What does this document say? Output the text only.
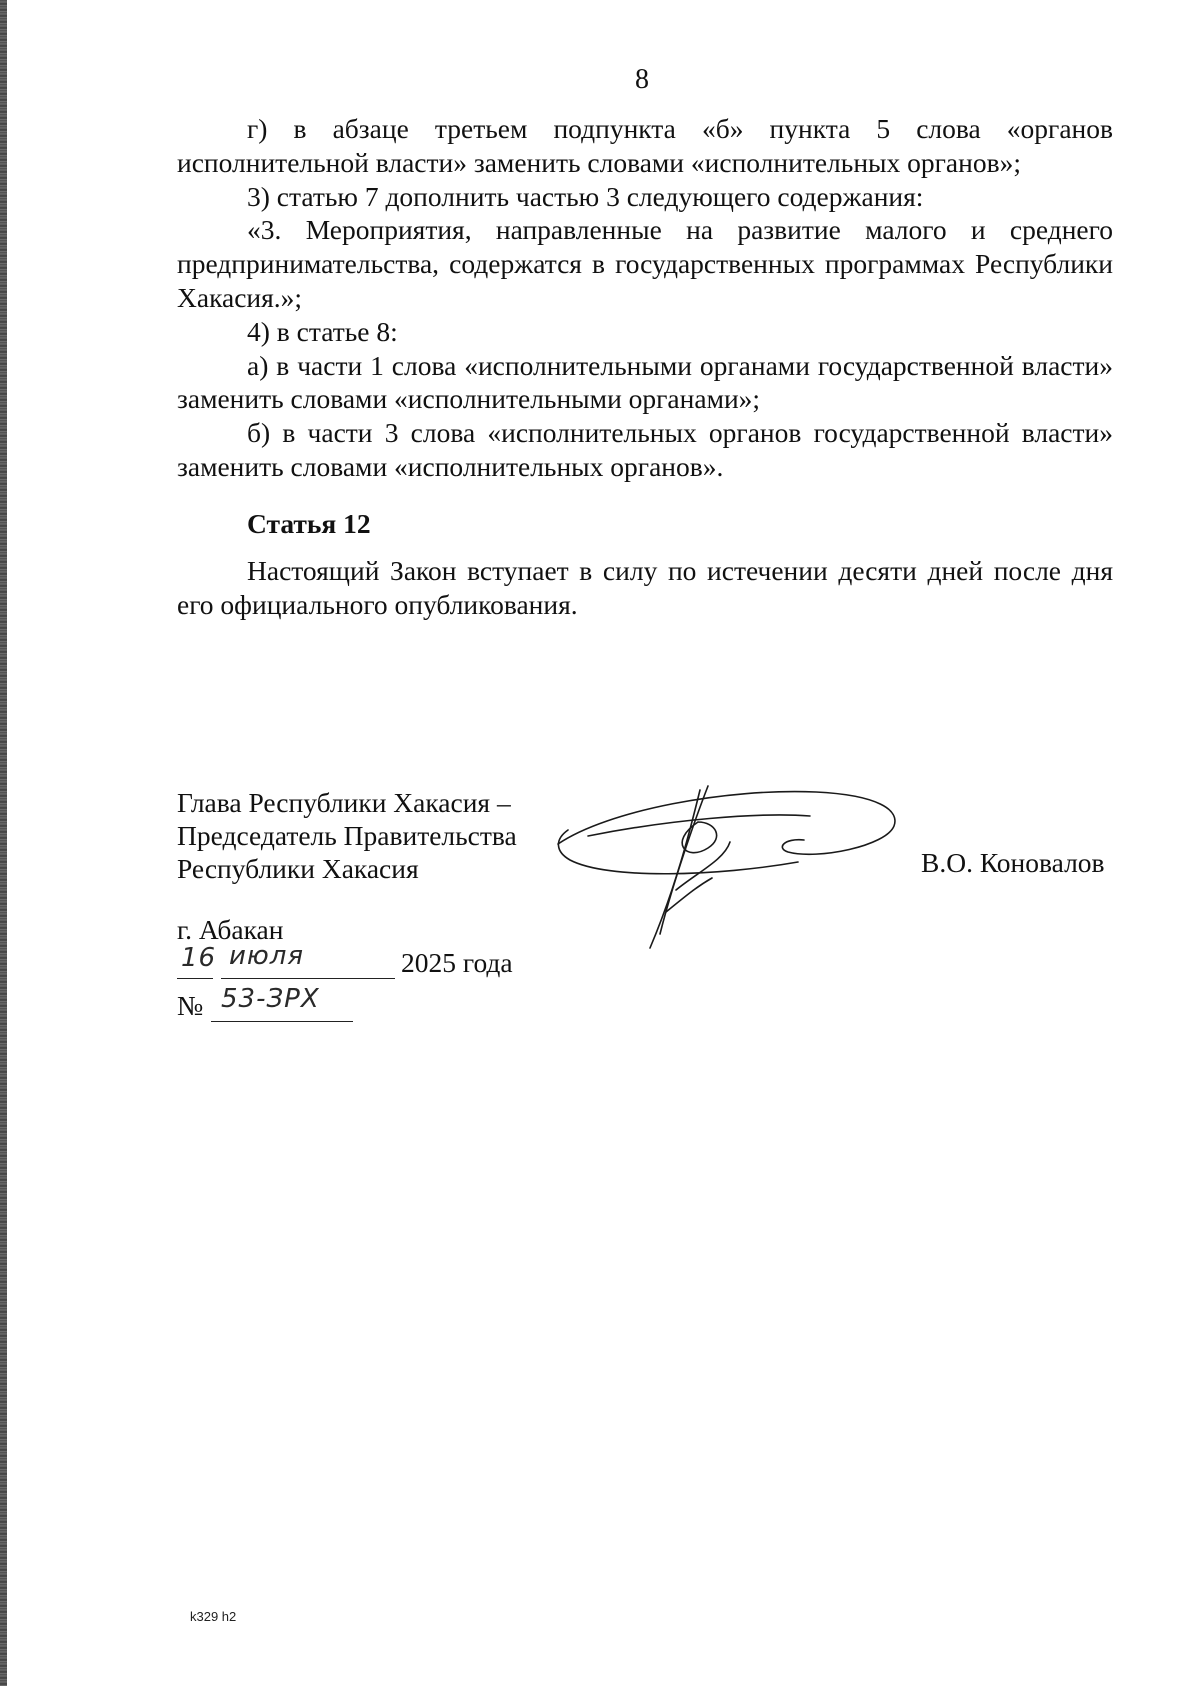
8

г) в абзаце третьем подпункта «б» пункта 5 слова «органов исполнительной власти» заменить словами «исполнительных органов»;

3) статью 7 дополнить частью 3 следующего содержания:

«3. Мероприятия, направленные на развитие малого и среднего предпринимательства, содержатся в государственных программах Республики Хакасия.»;

4) в статье 8:

а) в части 1 слова «исполнительными органами государственной власти» заменить словами «исполнительными органами»;

б) в части 3 слова «исполнительных органов государственной власти» заменить словами «исполнительных органов».

Статья 12

Настоящий Закон вступает в силу по истечении десяти дней после дня его официального опубликования.

Глава Республики Хакасия –
Председатель Правительства
Республики Хакасия	В.О. Коновалов
г. Абакан
16 июля	2025 года
№ 53-ЗРХ
k329 h2
